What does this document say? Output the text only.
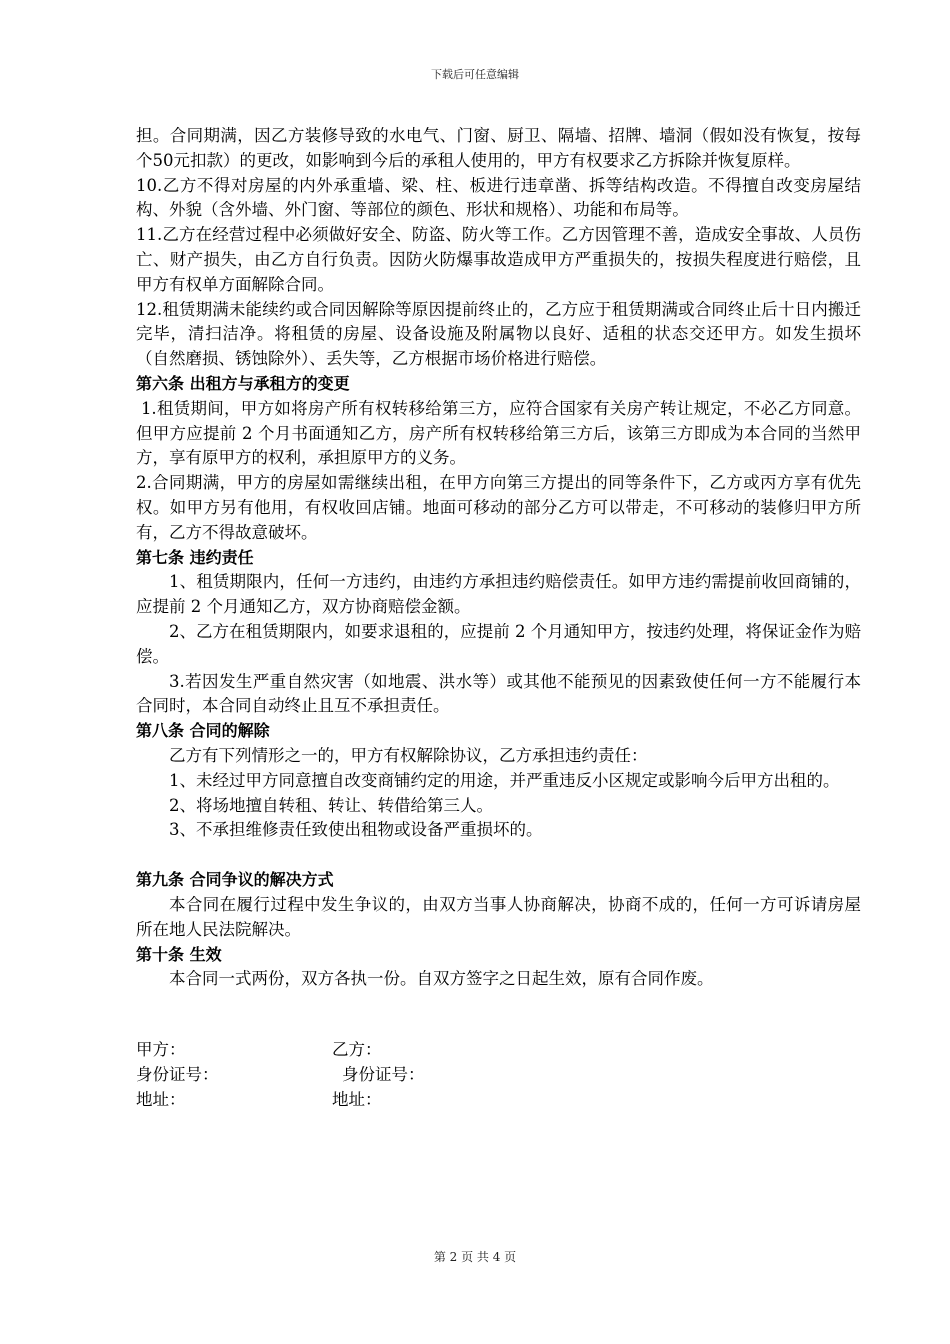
下载后可任意编辑

担。合同期满，因乙方装修导致的水电气、门窗、厨卫、隔墙、招牌、墙洞（假如没有恢复，按每个50元扣款）的更改，如影响到今后的承租人使用的，甲方有权要求乙方拆除并恢复原样。

10.乙方不得对房屋的内外承重墙、梁、柱、板进行违章凿、拆等结构改造。不得擅自改变房屋结构、外貌（含外墙、外门窗、等部位的颜色、形状和规格）、功能和布局等。

11.乙方在经营过程中必须做好安全、防盗、防火等工作。乙方因管理不善，造成安全事故、人员伤亡、财产损失，由乙方自行负责。因防火防爆事故造成甲方严重损失的，按损失程度进行赔偿，且甲方有权单方面解除合同。

12.租赁期满未能续约或合同因解除等原因提前终止的，乙方应于租赁期满或合同终止后十日内搬迁完毕，清扫洁净。将租赁的房屋、设备设施及附属物以良好、适租的状态交还甲方。如发生损坏（自然磨损、锈蚀除外）、丢失等，乙方根据市场价格进行赔偿。

第六条 出租方与承租方的变更

1.租赁期间，甲方如将房产所有权转移给第三方，应符合国家有关房产转让规定，不必乙方同意。但甲方应提前 2 个月书面通知乙方，房产所有权转移给第三方后，该第三方即成为本合同的当然甲方，享有原甲方的权利，承担原甲方的义务。

2.合同期满，甲方的房屋如需继续出租，在甲方向第三方提出的同等条件下，乙方或丙方享有优先权。如甲方另有他用，有权收回店铺。地面可移动的部分乙方可以带走，不可移动的装修归甲方所有，乙方不得故意破坏。

第七条 违约责任

1、租赁期限内，任何一方违约，由违约方承担违约赔偿责任。如甲方违约需提前收回商铺的，应提前 2 个月通知乙方，双方协商赔偿金额。

2、乙方在租赁期限内，如要求退租的，应提前 2 个月通知甲方，按违约处理，将保证金作为赔偿。

3.若因发生严重自然灾害（如地震、洪水等）或其他不能预见的因素致使任何一方不能履行本合同时，本合同自动终止且互不承担责任。

第八条 合同的解除

乙方有下列情形之一的，甲方有权解除协议，乙方承担违约责任：

1、未经过甲方同意擅自改变商铺约定的用途，并严重违反小区规定或影响今后甲方出租的。

2、将场地擅自转租、转让、转借给第三人。

3、不承担维修责任致使出租物或设备严重损坏的。

第九条 合同争议的解决方式

本合同在履行过程中发生争议的，由双方当事人协商解决，协商不成的，任何一方可诉请房屋所在地人民法院解决。

第十条 生效

本合同一式两份，双方各执一份。自双方签字之日起生效，原有合同作废。

甲方：	乙方：
身份证号：	身份证号：
地址：	地址：
第 2 页 共 4 页
